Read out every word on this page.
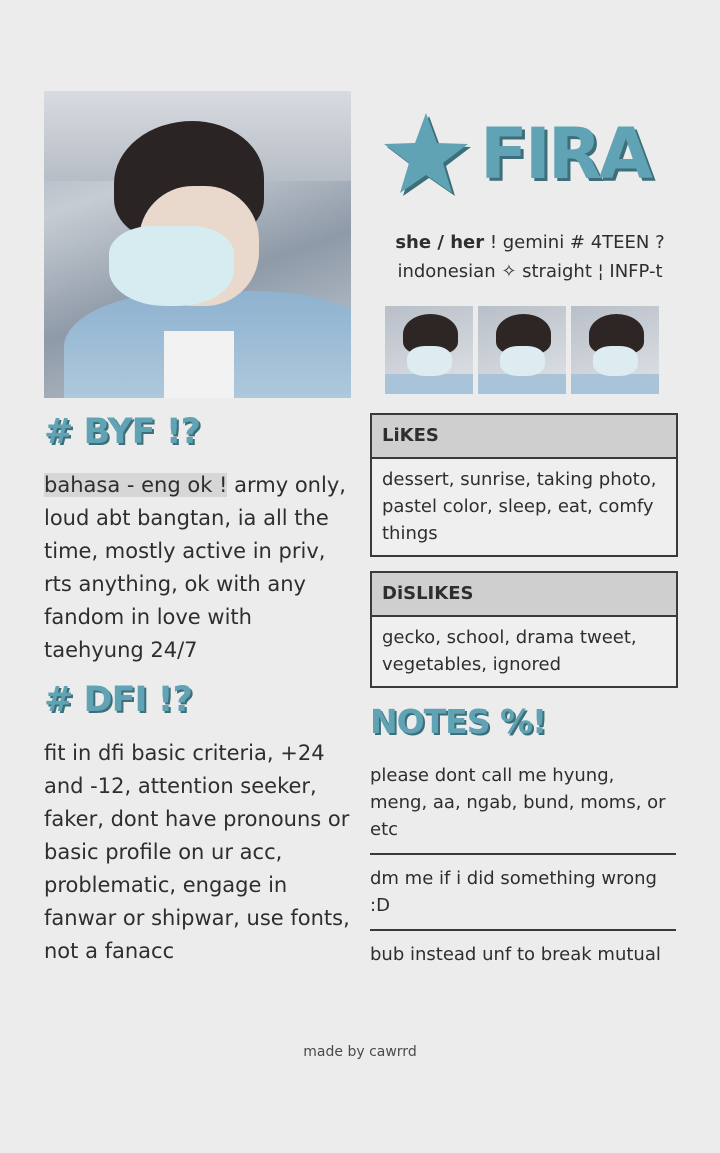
FIRA
she / her ! gemini # 4TEEN ?
indonesian ✧ straight ¦ INFP-t
# BYF !?
bahasa - eng ok ! army only, loud abt bangtan, ia all the time, mostly active in priv, rts anything, ok with any fandom in love with taehyung 24/7
# DFI !?
fit in dfi basic criteria, +24 and -12, attention seeker, faker, dont have pronouns or basic profile on ur acc, problematic, engage in fanwar or shipwar, use fonts, not a fanacc
LiKES
dessert, sunrise, taking photo, pastel color, sleep, eat, comfy things
DiSLIKES
gecko, school, drama tweet, vegetables, ignored
NOTES %!
please dont call me hyung, meng, aa, ngab, bund, moms, or etc
dm me if i did something wrong :D
bub instead unf to break mutual
made by cawrrd
